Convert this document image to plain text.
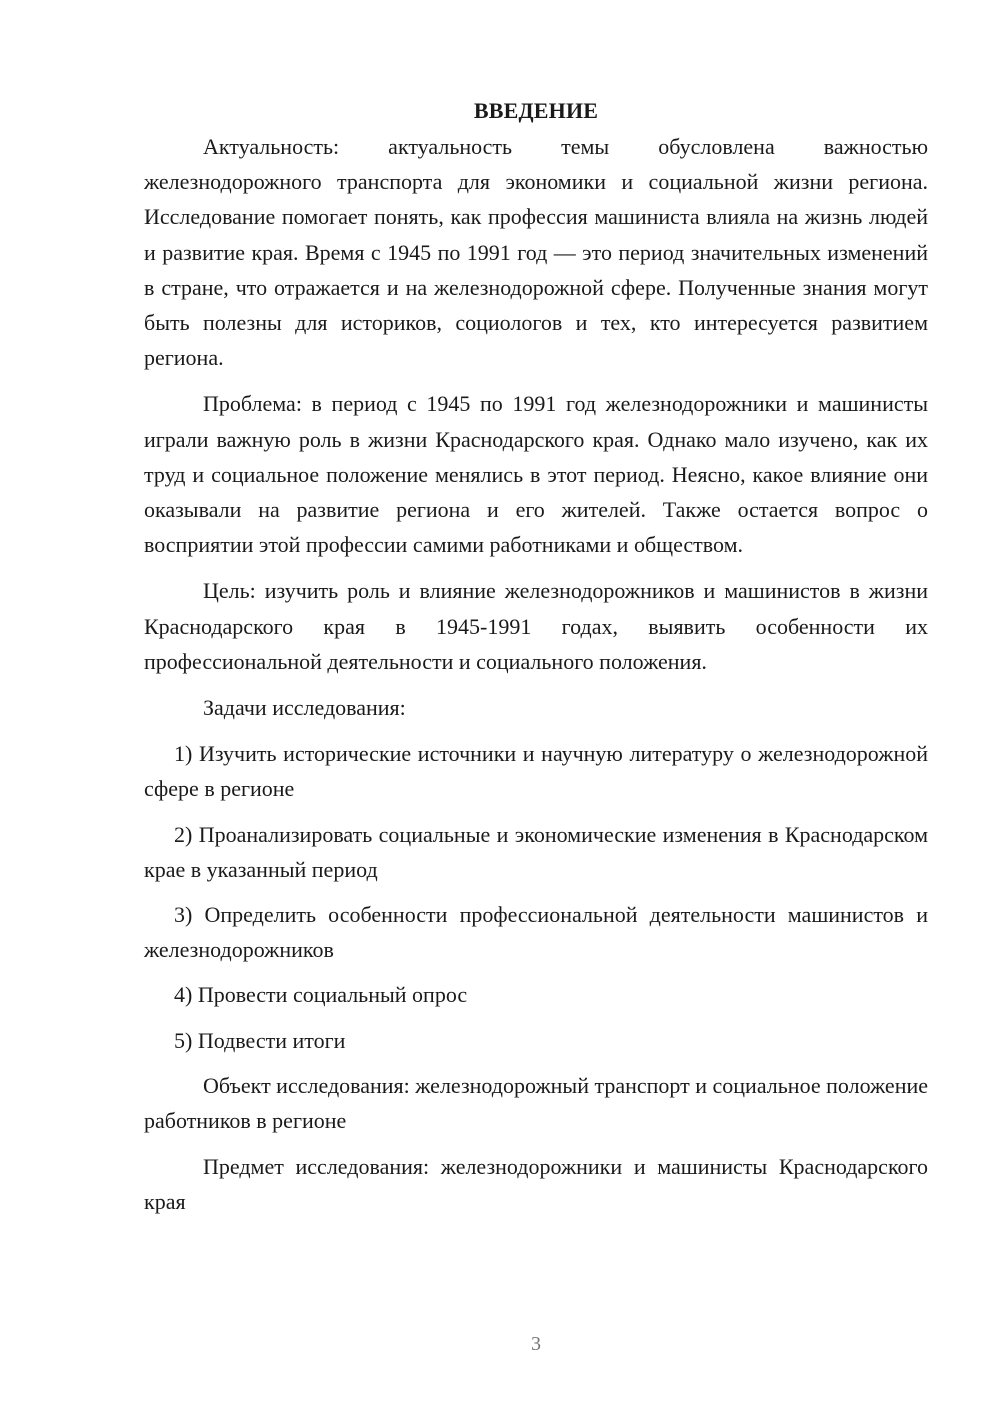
ВВЕДЕНИЕ

Актуальность: актуальность темы обусловлена важностью железнодорожного транспорта для экономики и социальной жизни региона. Исследование помогает понять, как профессия машиниста влияла на жизнь людей и развитие края. Время с 1945 по 1991 год — это период значительных изменений в стране, что отражается и на железнодорожной сфере. Полученные знания могут быть полезны для историков, социологов и тех, кто интересуется развитием региона.

Проблема: в период с 1945 по 1991 год железнодорожники и машинисты играли важную роль в жизни Краснодарского края. Однако мало изучено, как их труд и социальное положение менялись в этот период. Неясно, какое влияние они оказывали на развитие региона и его жителей. Также остается вопрос о восприятии этой профессии самими работниками и обществом.

Цель: изучить роль и влияние железнодорожников и машинистов в жизни Краснодарского края в 1945-1991 годах, выявить особенности их профессиональной деятельности и социального положения.

Задачи исследования:

1) Изучить исторические источники и научную литературу о железнодорожной сфере в регионе

2) Проанализировать социальные и экономические изменения в Краснодарском крае в указанный период

3) Определить особенности профессиональной деятельности машинистов и железнодорожников

4) Провести социальный опрос

5) Подвести итоги

Объект исследования: железнодорожный транспорт и социальное положение работников в регионе

Предмет исследования: железнодорожники и машинисты Краснодарского края

3
